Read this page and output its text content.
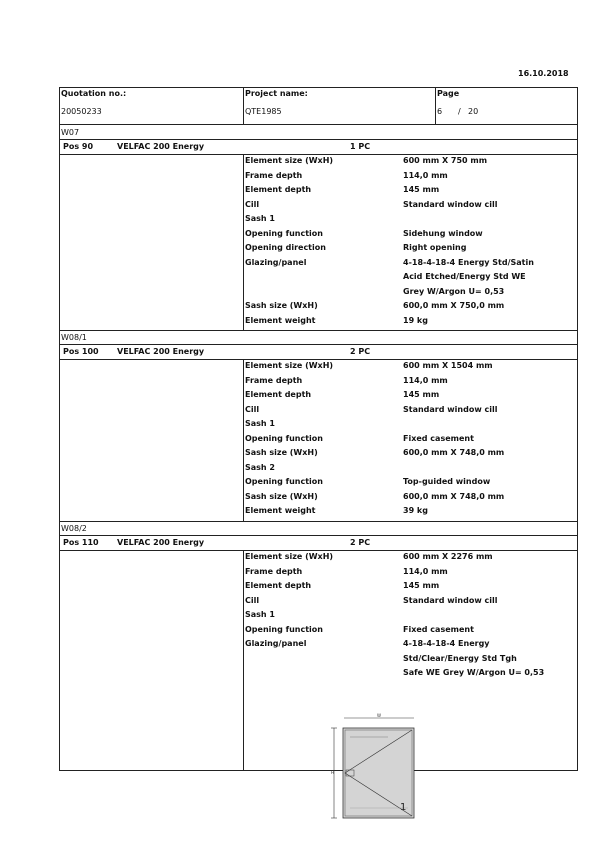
16.10.2018
Quotation no.:
20050233
Project name:
QTE1985
Page
6 / 20
W07
Pos 90	VELFAC 200 Energy	1 PC
Element size (WxH)	600 mm X 750 mm
Frame depth	114,0 mm
Element depth	145 mm
Cill	Standard window cill
Sash 1
Opening function	Sidehung window
Opening direction	Right opening
Glazing/panel	4-18-4-18-4 Energy Std/Satin
Acid Etched/Energy Std WE
Grey W/Argon U= 0,53
Sash size (WxH)	600,0 mm X 750,0 mm
Element weight	19 kg
W08/1
Pos 100 VELFAC 200 Energy	2 PC
Element size (WxH)	600 mm X 1504 mm
Frame depth	114,0 mm
Element depth	145 mm
Cill	Standard window cill
Sash 1
Opening function	Fixed casement
Sash size (WxH)	600,0 mm X 748,0 mm
Sash 2
Opening function	Top-guided window
Sash size (WxH)	600,0 mm X 748,0 mm
Element weight	39 kg
W08/2
Pos 110 VELFAC 200 Energy	2 PC
Element size (WxH)	600 mm X 2276 mm
Frame depth	114,0 mm
Element depth	145 mm
Cill	Standard window cill
Sash 1
Opening function	Fixed casement
Glazing/panel	4-18-4-18-4 Energy
Std/Clear/Energy Std Tgh
Safe WE Grey W/Argon U= 0,53
W
H
1
